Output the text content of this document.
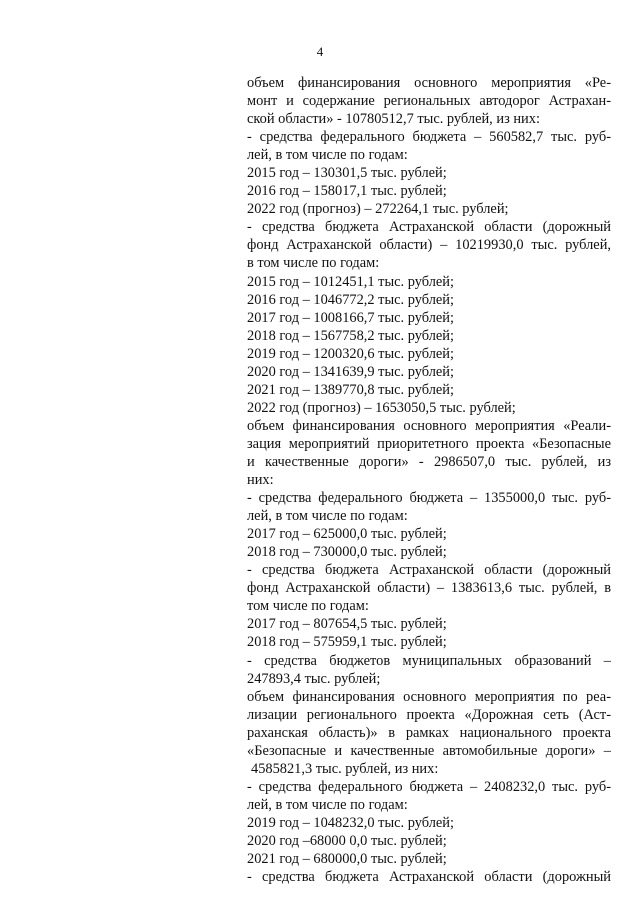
4
объем финансирования основного мероприятия «Ре-
монт и содержание региональных автодорог Астрахан-
ской области» - 10780512,7 тыс. рублей, из них:
- средства федерального бюджета – 560582,7 тыс. руб-
лей, в том числе по годам:
2015 год – 130301,5 тыс. рублей;
2016 год – 158017,1 тыс. рублей;
2022 год (прогноз) – 272264,1 тыс. рублей;
- средства бюджета Астраханской области (дорожный
фонд Астраханской области) – 10219930,0 тыс. рублей,
в том числе по годам:
2015 год – 1012451,1 тыс. рублей;
2016 год – 1046772,2 тыс. рублей;
2017 год – 1008166,7 тыс. рублей;
2018 год – 1567758,2 тыс. рублей;
2019 год – 1200320,6 тыс. рублей;
2020 год – 1341639,9 тыс. рублей;
2021 год – 1389770,8 тыс. рублей;
2022 год (прогноз) – 1653050,5 тыс. рублей;
объем финансирования основного мероприятия «Реали-
зация мероприятий приоритетного проекта «Безопасные
и качественные дороги» - 2986507,0 тыс. рублей, из
них:
- средства федерального бюджета – 1355000,0 тыс. руб-
лей, в том числе по годам:
2017 год – 625000,0 тыс. рублей;
2018 год – 730000,0 тыс. рублей;
- средства бюджета Астраханской области (дорожный
фонд Астраханской области) – 1383613,6 тыс. рублей, в
том числе по годам:
2017 год – 807654,5 тыс. рублей;
2018 год – 575959,1 тыс. рублей;
- средства бюджетов муниципальных образований –
247893,4 тыс. рублей;
объем финансирования основного мероприятия по реа-
лизации регионального проекта «Дорожная сеть (Аст-
раханская область)» в рамках национального проекта
«Безопасные и качественные автомобильные дороги» –
4585821,3 тыс. рублей, из них:
- средства федерального бюджета – 2408232,0 тыс. руб-
лей, в том числе по годам:
2019 год – 1048232,0 тыс. рублей;
2020 год –68000 0,0 тыс. рублей;
2021 год – 680000,0 тыс. рублей;
- средства бюджета Астраханской области (дорожный
